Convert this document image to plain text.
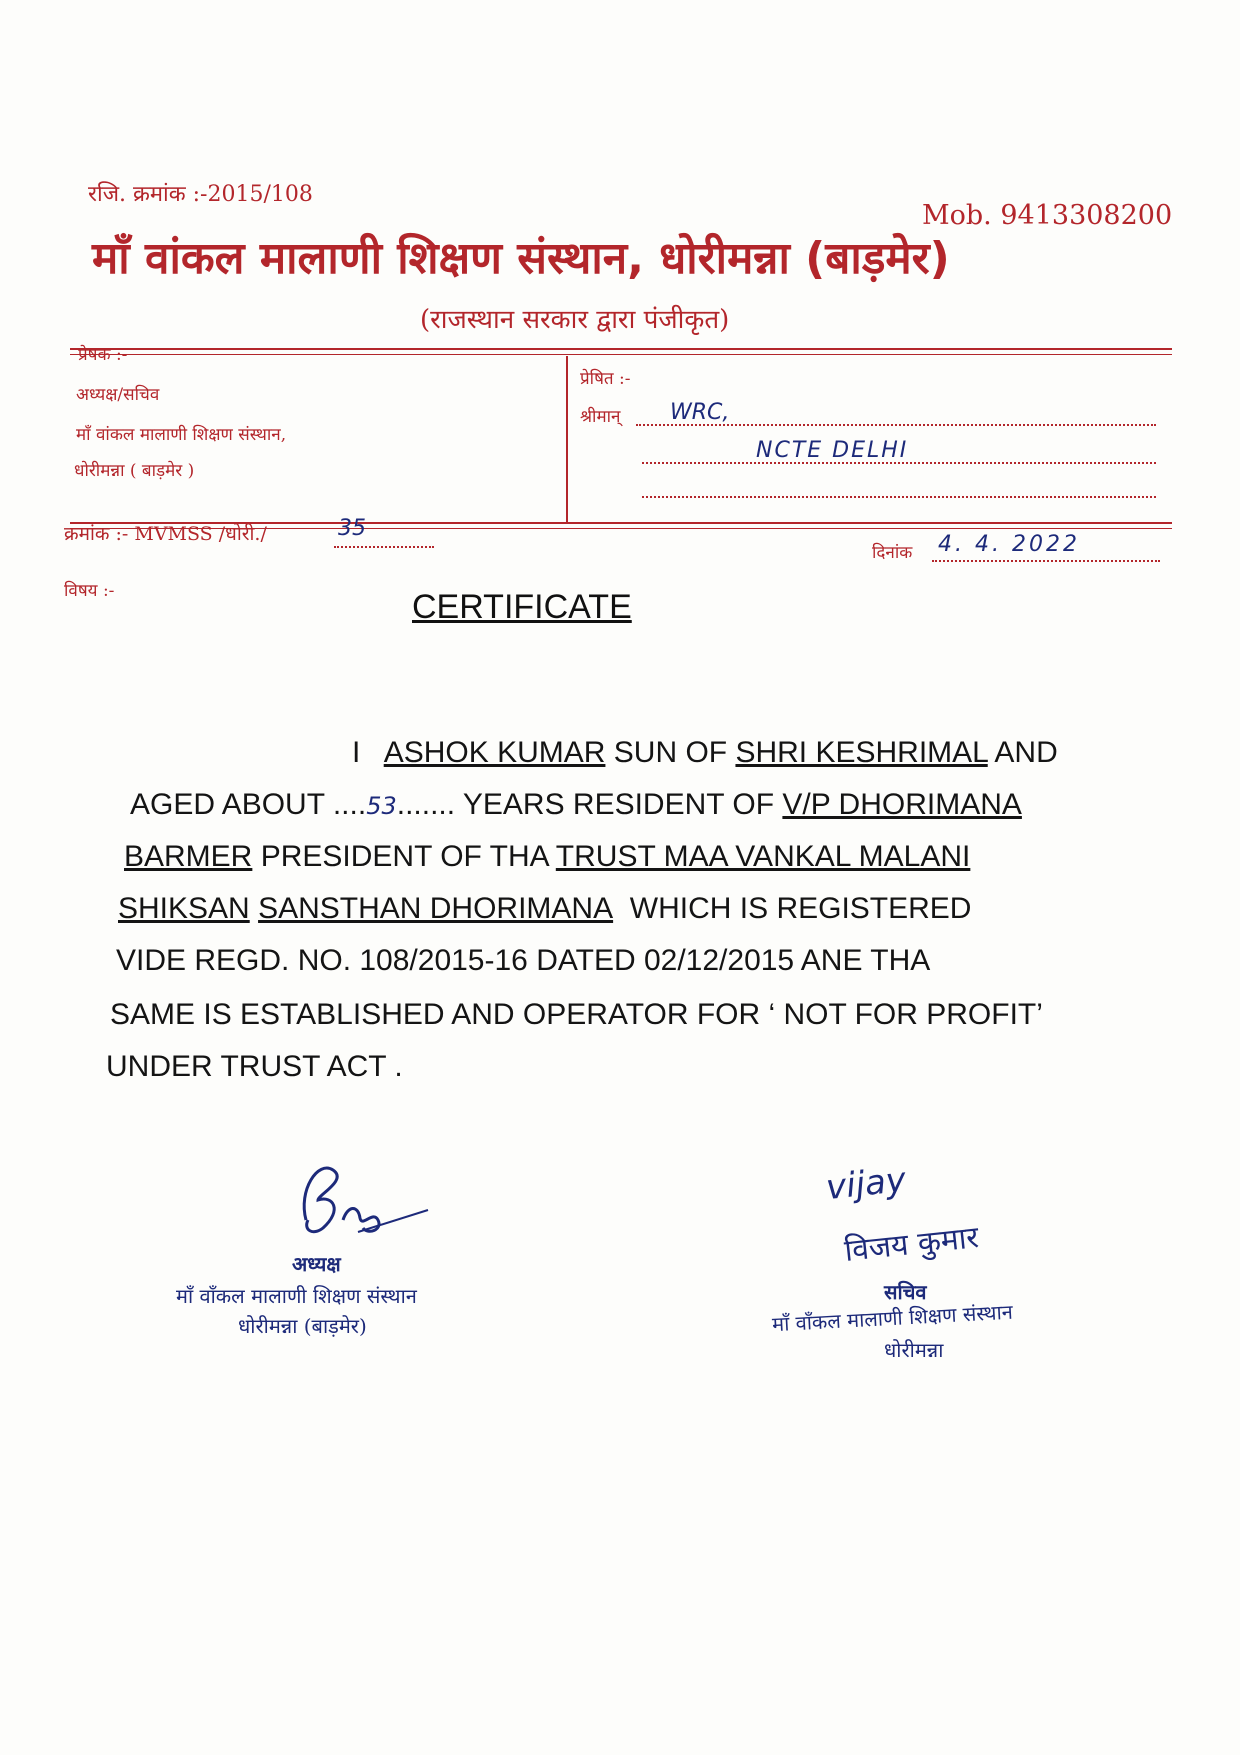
रजि. क्रमांक :-2015/108
Mob. 9413308200
माँ वांकल मालाणी शिक्षण संस्थान, धोरीमन्ना (बाड़मेर)
(राजस्थान सरकार द्वारा पंजीकृत)
प्रेषक :-
अध्यक्ष/सचिव
माँ वांकल मालाणी शिक्षण संस्थान,
धोरीमन्ना ( बाड़मेर )
प्रेषित :-
श्रीमान् WRC,
NCTE DELHI
क्रमांक :- MVMSS /धोरी./	35
दिनांक 4. 4. 2022
विषय :-	CERTIFICATE
I ASHOK KUMAR SUN OF SHRI KESHRIMAL AND
AGED ABOUT ....53....... YEARS RESIDENT OF V/P DHORIMANA
BARMER PRESIDENT OF THA TRUST MAA VANKAL MALANI
SHIKSAN SANSTHAN DHORIMANA WHICH IS REGISTERED
VIDE REGD. NO. 108/2015-16 DATED 02/12/2015 ANE THA
SAME IS ESTABLISHED AND OPERATOR FOR ‘ NOT FOR PROFIT’
UNDER TRUST ACT .
अध्यक्ष
माँ वाँकल मालाणी शिक्षण संस्थान
धोरीमन्ना (बाड़मेर)
vijay
विजय कुमार
सचिव
माँ वाँकल मालाणी शिक्षण संस्थान
धोरीमन्ना
